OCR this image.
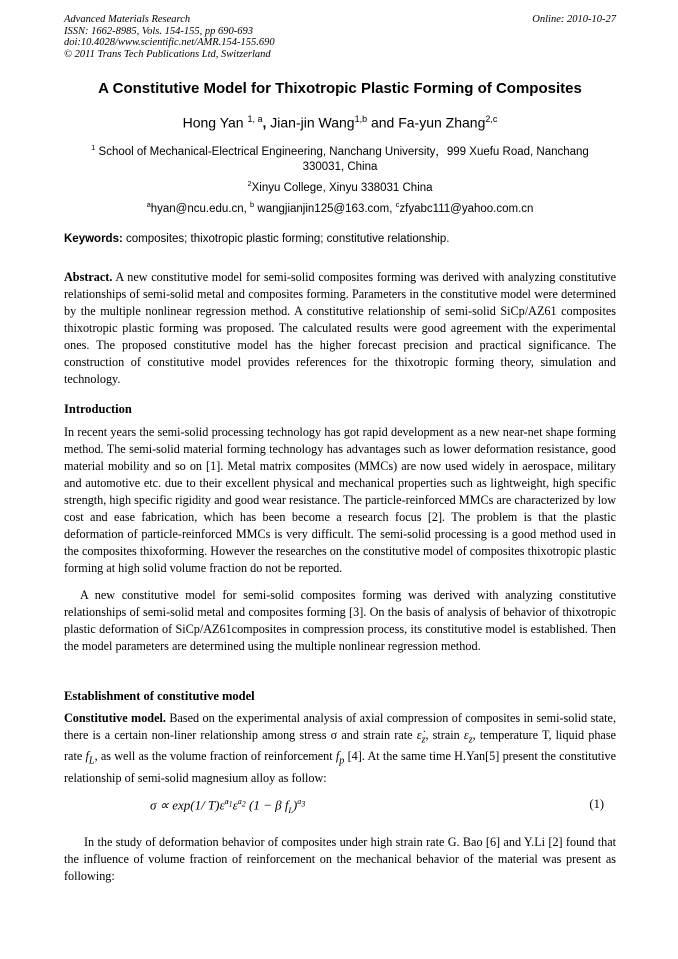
Advanced Materials Research
ISSN: 1662-8985, Vols. 154-155, pp 690-693
doi:10.4028/www.scientific.net/AMR.154-155.690
© 2011 Trans Tech Publications Ltd, Switzerland
Online: 2010-10-27
A Constitutive Model for Thixotropic Plastic Forming of Composites
Hong Yan $^{1, a}$, Jian-jin Wang$^{1,b}$ and Fa-yun Zhang$^{2,c}$
$^1$ School of Mechanical-Electrical Engineering, Nanchang University，999 Xuefu Road, Nanchang
330031, China
$^2$Xinyu College, Xinyu 338031 China
$^a$hyan@ncu.edu.cn, $^b$ wangjianjin125@163.com, $^c$zfyabc111@yahoo.com.cn
Keywords: composites; thixotropic plastic forming; constitutive relationship.
Abstract. A new constitutive model for semi-solid composites forming was derived with analyzing constitutive relationships of semi-solid metal and composites forming. Parameters in the constitutive model were determined by the multiple nonlinear regression method. A constitutive relationship of semi-solid SiCp/AZ61 composites thixotropic plastic forming was proposed. The calculated results were good agreement with the experimental ones. The proposed constitutive model has the higher forecast precision and practical significance. The construction of constitutive model provides references for the thixotropic forming theory, simulation and technology.
Introduction
In recent years the semi-solid processing technology has got rapid development as a new near-net shape forming method. The semi-solid material forming technology has advantages such as lower deformation resistance, good material mobility and so on [1]. Metal matrix composites (MMCs) are now used widely in aerospace, military and automotive etc. due to their excellent physical and mechanical properties such as lightweight, high specific strength, high specific rigidity and good wear resistance. The particle-reinforced MMCs are characterized by low cost and ease fabrication, which has been become a research focus [2]. The problem is that the plastic deformation of particle-reinforced MMCs is very difficult. The semi-solid processing is a good method used in the composites thixoforming. However the researches on the constitutive model of composites thixotropic plastic forming at high solid volume fraction do not be reported.
A new constitutive model for semi-solid composites forming was derived with analyzing constitutive relationships of semi-solid metal and composites forming [3]. On the basis of analysis of behavior of thixotropic plastic deformation of SiCp/AZ61composites in compression process, its constitutive model is established. Then the model parameters are determined using the multiple nonlinear regression method.
Establishment of constitutive model
Constitutive model. Based on the experimental analysis of axial compression of composites in semi-solid state, there is a certain non-liner relationship among stress σ and strain rate $\varepsiloṅ_z$, strain $\varepsilon_z$, temperature T, liquid phase rate $f_L$, as well as the volume fraction of reinforcement $f_p$ [4]. At the same time H.Yan[5] present the constitutive relationship of semi-solid magnesium alloy as follow:
σ ∝ exp(1/ $T)\varepsiloṅ^{a_1}\varepsilon^{a_2}$ (1 − β $f_L)^{a_3}$	(1)
In the study of deformation behavior of composites under high strain rate G. Bao [6] and Y.Li [2] found that the influence of volume fraction of reinforcement on the mechanical behavior of the material was present as following:
